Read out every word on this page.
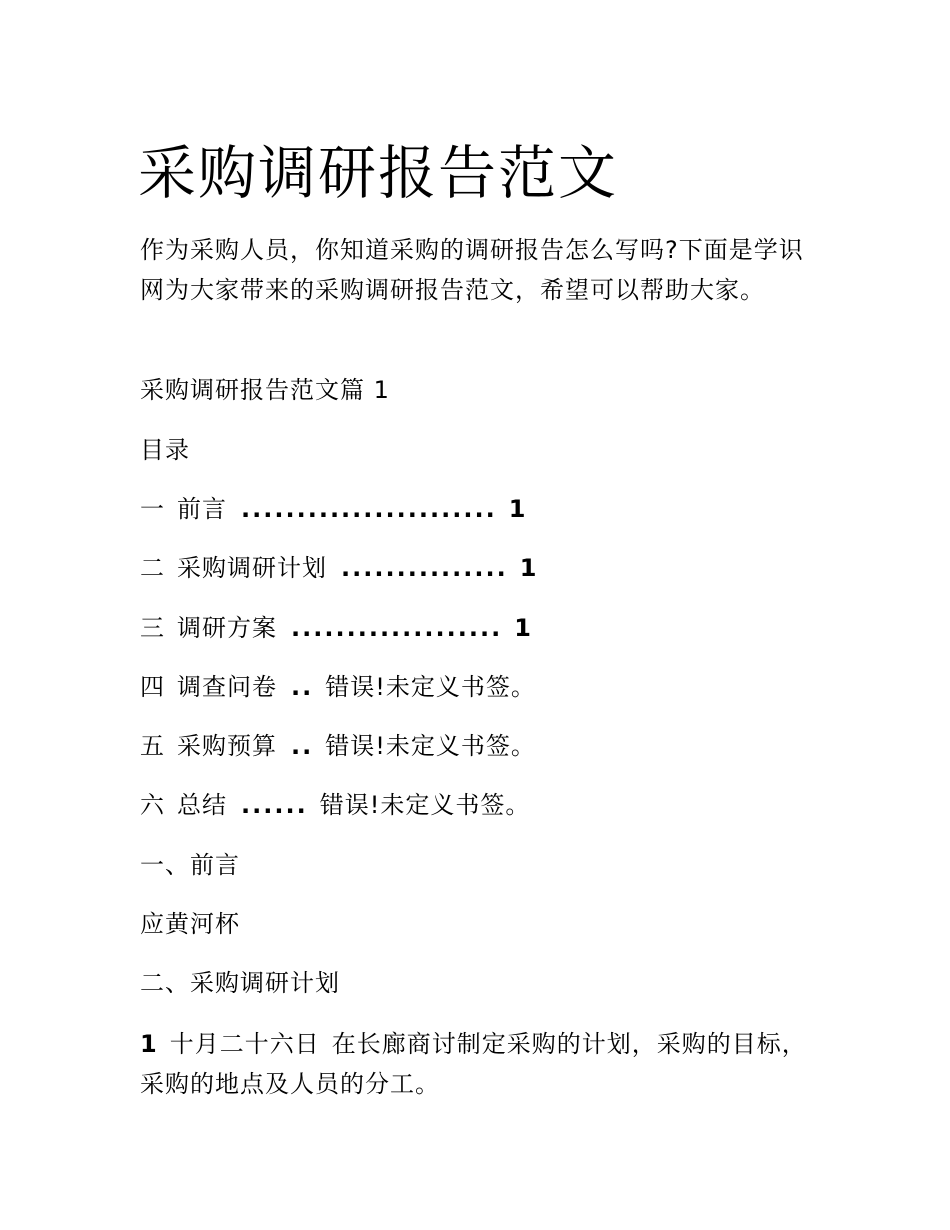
采购调研报告范文

作为采购人员，你知道采购的调研报告怎么写吗?下面是学识网为大家带来的采购调研报告范文，希望可以帮助大家。

采购调研报告范文篇 1

目录

一 前言 ....................... 1

二 采购调研计划 ............... 1

三 调研方案 ................... 1

四 调查问卷 .. 错误!未定义书签。

五 采购预算 .. 错误!未定义书签。

六 总结 ...... 错误!未定义书签。

一、前言

应黄河杯

二、采购调研计划

1 十月二十六日 在长廊商讨制定采购的计划，采购的目标，采购的地点及人员的分工。
